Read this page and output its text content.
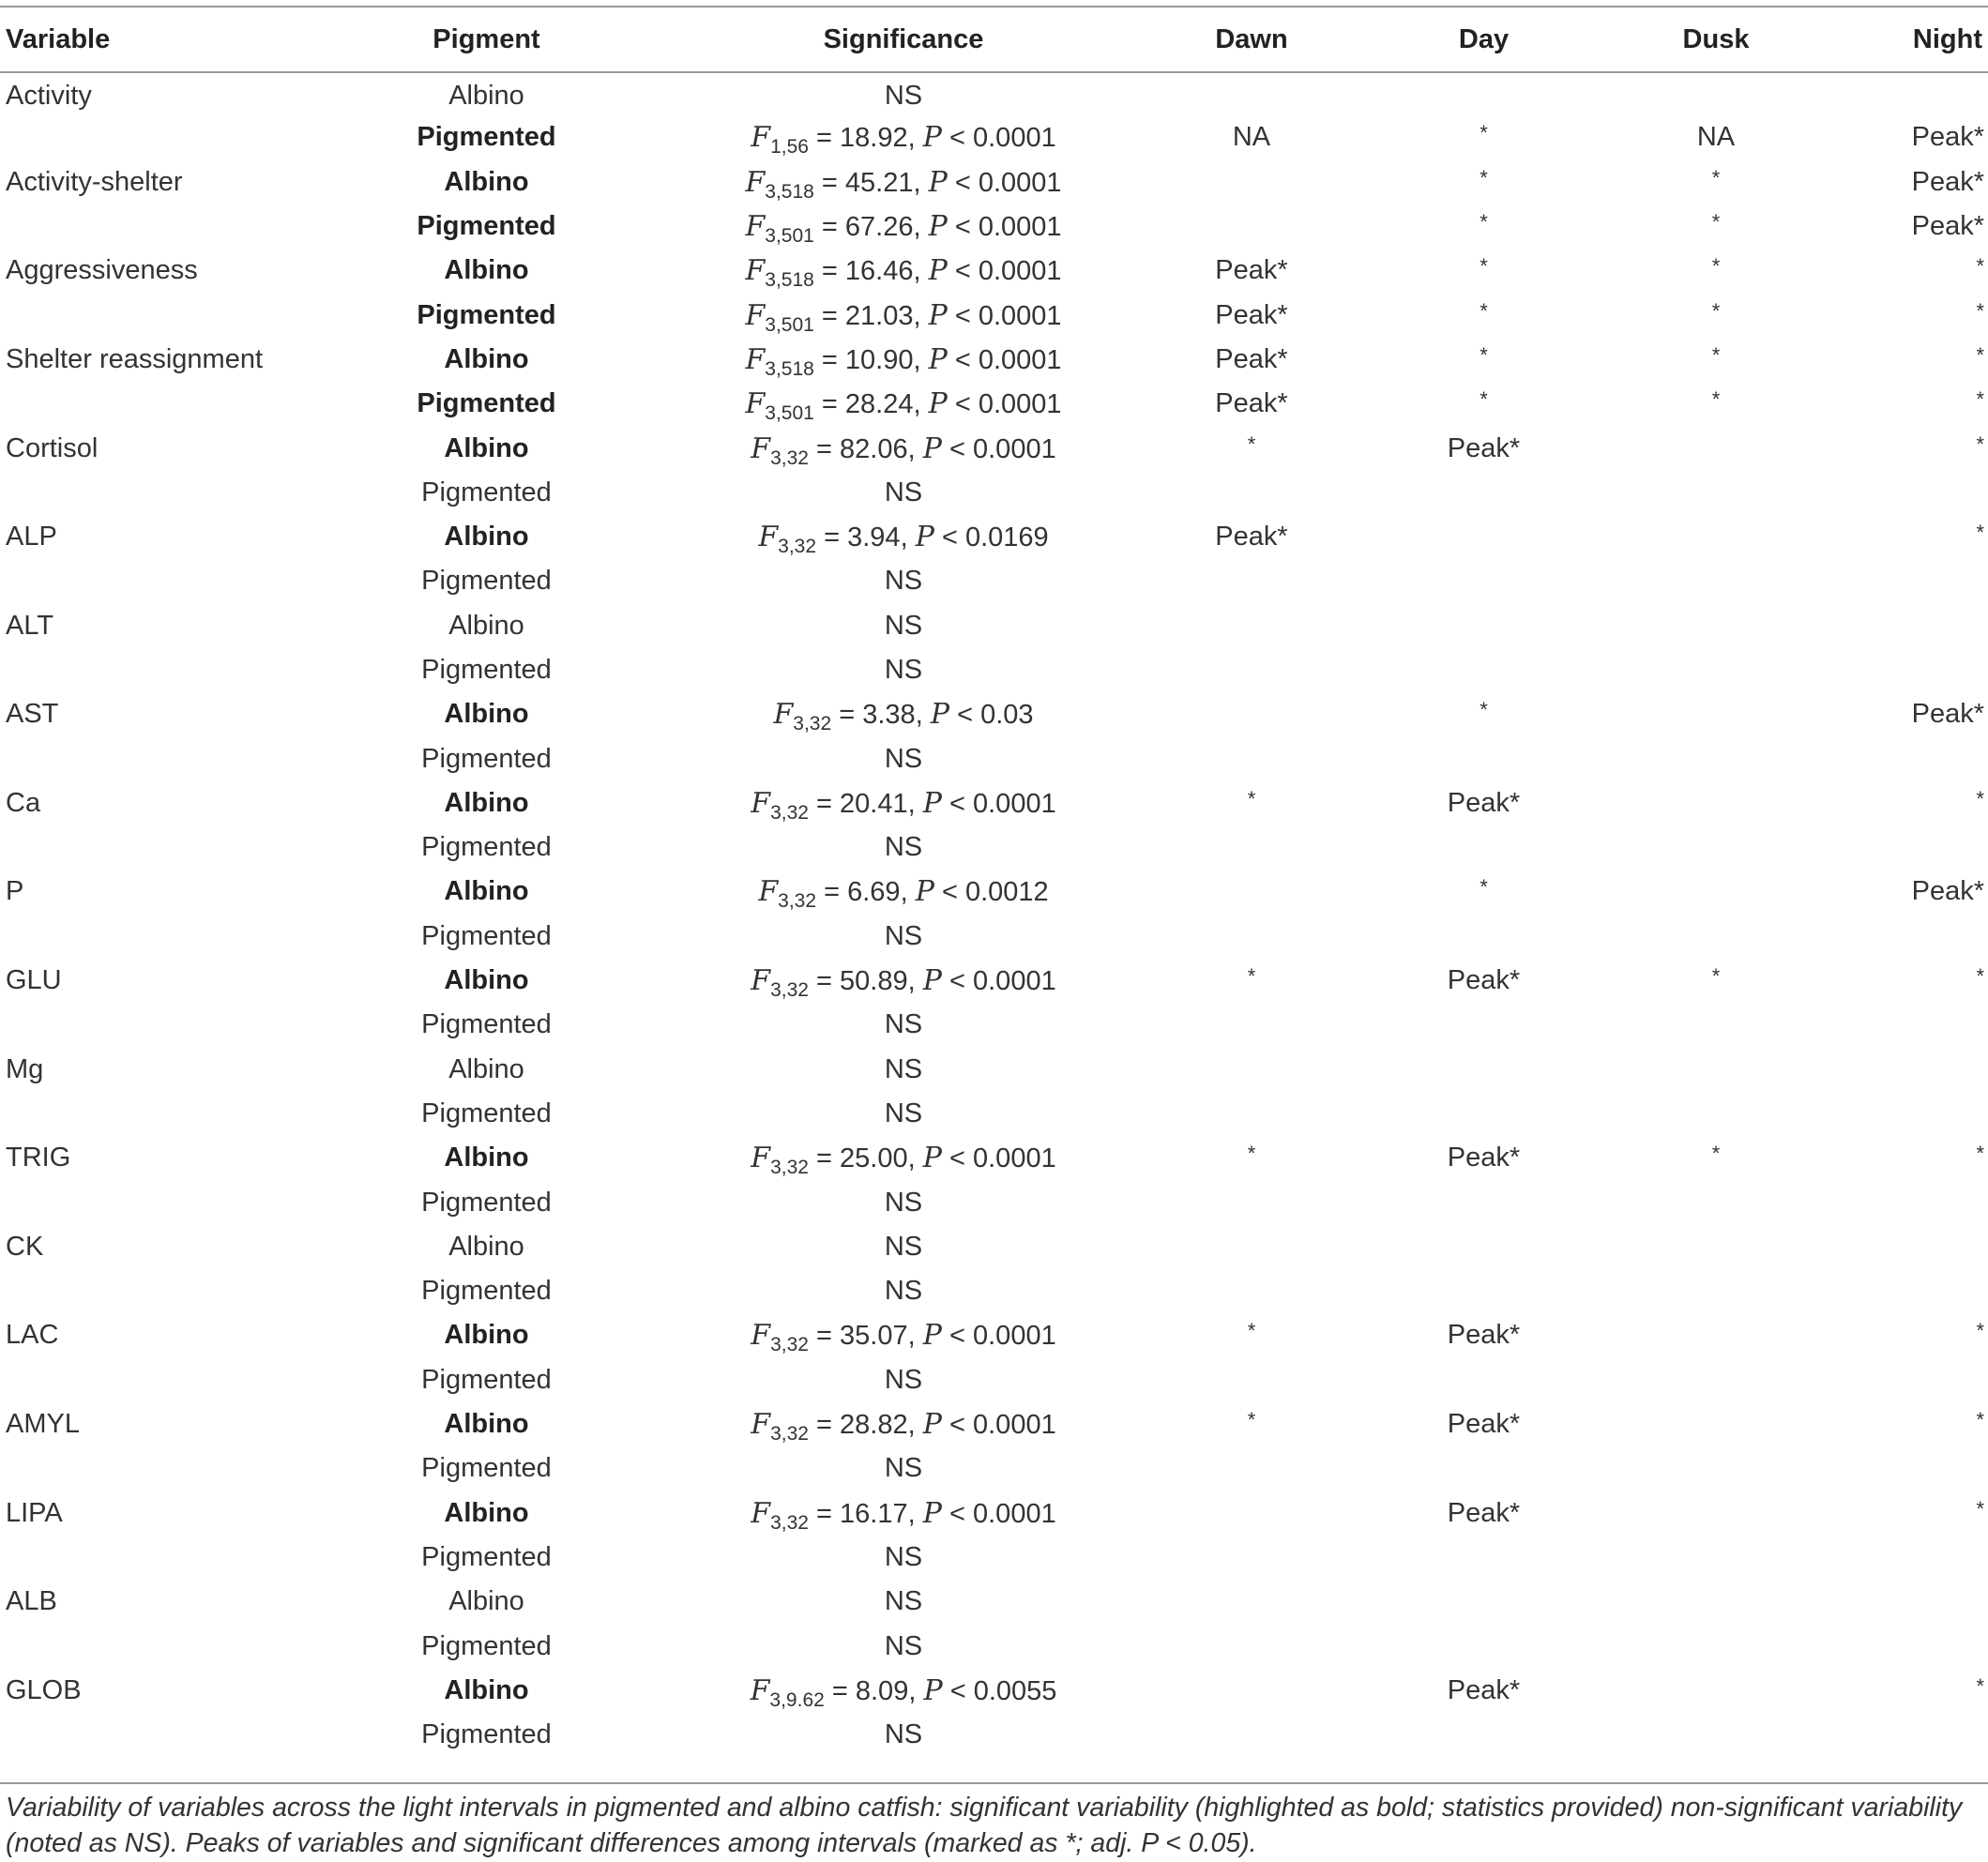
Variable	Pigment	Significance	Dawn	Day	Dusk	Night
Activity	Albino	NS				
	Pigmented	$F_{1,56} = 18.92$, P < 0.0001	NA	*	NA	Peak*
Activity-shelter	Albino	$F_{3,518} = 45.21$, P < 0.0001		*	*	Peak*
	Pigmented	$F_{3,501} = 67.26$, P < 0.0001		*	*	Peak*
Aggressiveness	Albino	$F_{3,518} = 16.46$, P < 0.0001	Peak*	*	*	*
	Pigmented	$F_{3,501} = 21.03$, P < 0.0001	Peak*	*	*	*
Shelter reassignment	Albino	$F_{3,518} = 10.90$, P < 0.0001	Peak*	*	*	*
	Pigmented	$F_{3,501} = 28.24$, P < 0.0001	Peak*	*	*	*
Cortisol	Albino	$F_{3,32} = 82.06$, P < 0.0001	*	Peak*		*
	Pigmented	NS				
ALP	Albino	$F_{3,32} = 3.94$, P < 0.0169	Peak*			*
	Pigmented	NS				
ALT	Albino	NS				
	Pigmented	NS				
AST	Albino	$F_{3,32} = 3.38$, P < 0.03		*		Peak*
	Pigmented	NS				
Ca	Albino	$F_{3,32} = 20.41$, P < 0.0001	*	Peak*		*
	Pigmented	NS				
P	Albino	$F_{3,32} = 6.69$, P < 0.0012		*		Peak*
	Pigmented	NS				
GLU	Albino	$F_{3,32} = 50.89$, P < 0.0001	*	Peak*	*	*
	Pigmented	NS				
Mg	Albino	NS				
	Pigmented	NS				
TRIG	Albino	$F_{3,32} = 25.00$, P < 0.0001	*	Peak*	*	*
	Pigmented	NS				
CK	Albino	NS				
	Pigmented	NS				
LAC	Albino	$F_{3,32} = 35.07$, P < 0.0001	*	Peak*		*
	Pigmented	NS				
AMYL	Albino	$F_{3,32} = 28.82$, P < 0.0001	*	Peak*		*
	Pigmented	NS				
LIPA	Albino	$F_{3,32} = 16.17$, P < 0.0001		Peak*		*
	Pigmented	NS				
ALB	Albino	NS				
	Pigmented	NS				
GLOB	Albino	$F_{3,9.62} = 8.09$, P < 0.0055		Peak*		*
	Pigmented	NS				
Variability of variables across the light intervals in pigmented and albino catfish: significant variability (highlighted as bold; statistics provided) non-significant variability (noted as NS). Peaks of variables and significant differences among intervals (marked as *; adj. P < 0.05).
